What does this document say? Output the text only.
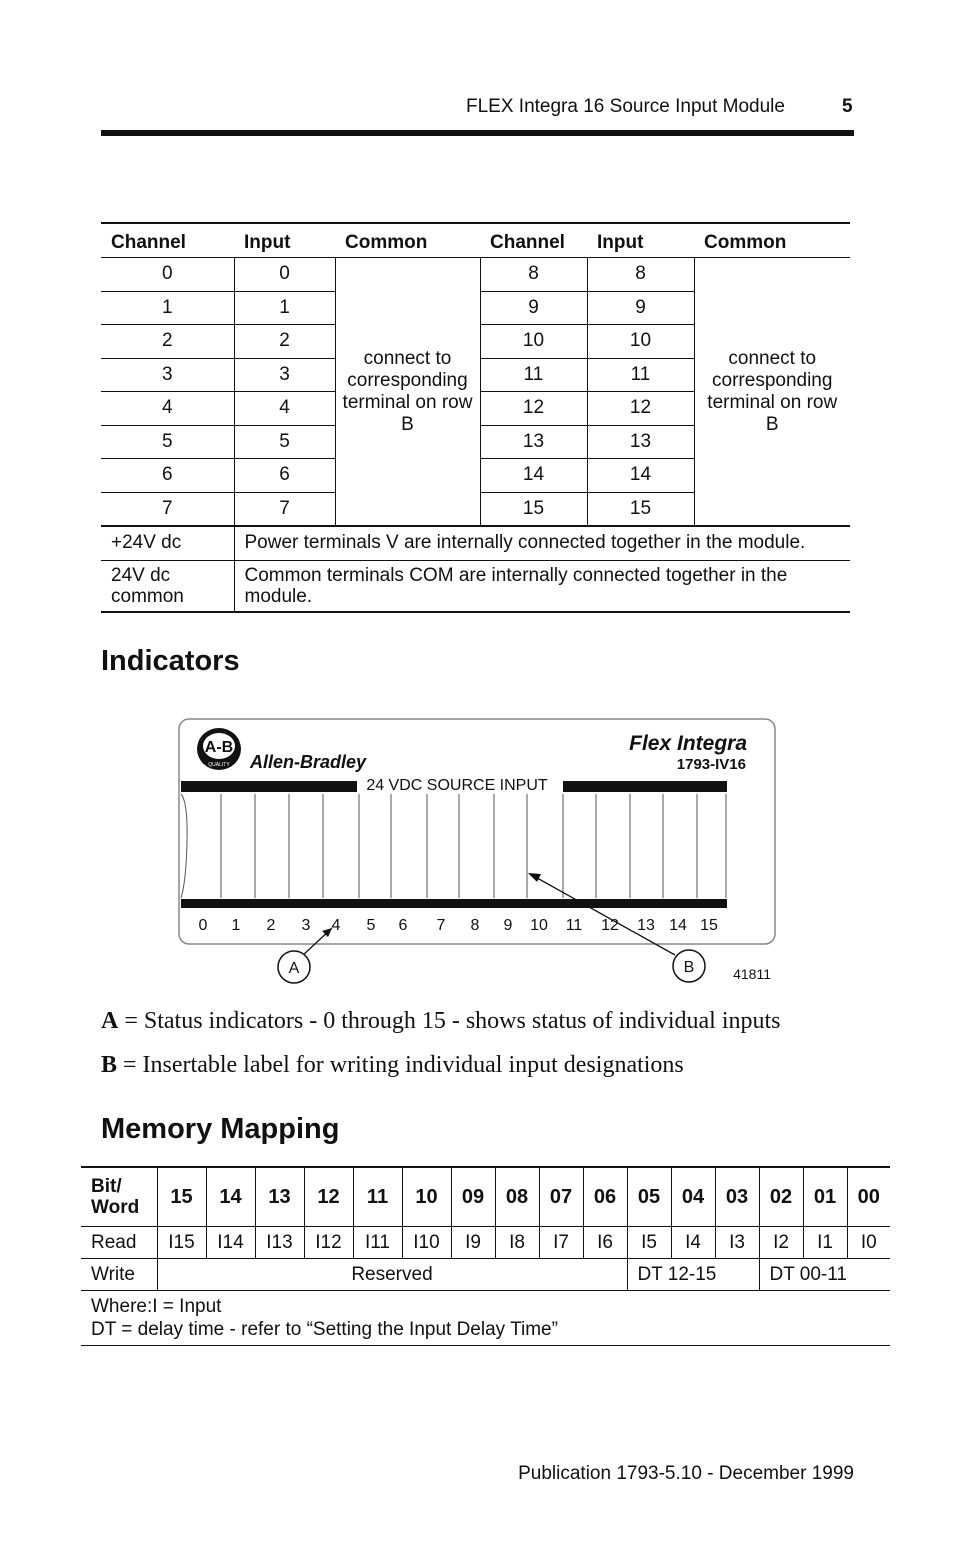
FLEX Integra 16 Source Input Module	5
Channel	Input	Common	Channel	Input	Common
0	0	connect to corresponding terminal on row B	8	8	connect to corresponding terminal on row B
1	1		9	9	
2	2		10	10	
3	3		11	11	
4	4		12	12	
5	5		13	13	
6	6		14	14	
7	7		15	15	
+24V dc	Power terminals V are internally connected together in the module.				
24V dc common	Common terminals COM are internally connected together in the module.				
Indicators
A-B
QUALITY Allen-Bradley
Flex Integra
1793-IV16
24 VDC SOURCE INPUT
0 1 2 3 4 5 6 7 8 9 10 11 12 13 14 15
A	B	41811
A = Status indicators - 0 through 15 - shows status of individual inputs
B = Insertable label for writing individual input designations
Memory Mapping
Bit/ Word	15	14	13	12	11	10	09	08	07	06	05	04	03	02	01	00
Read	I15	I14	I13	I12	I11	I10	I9	I8	I7	I6	I5	I4	I3	I2	I1	I0
Write	Reserved										DT 12-15			DT 00-11		

Where:I = Input
DT = delay time - refer to “Setting the Input Delay Time”																
Publication 1793-5.10 - December 1999
